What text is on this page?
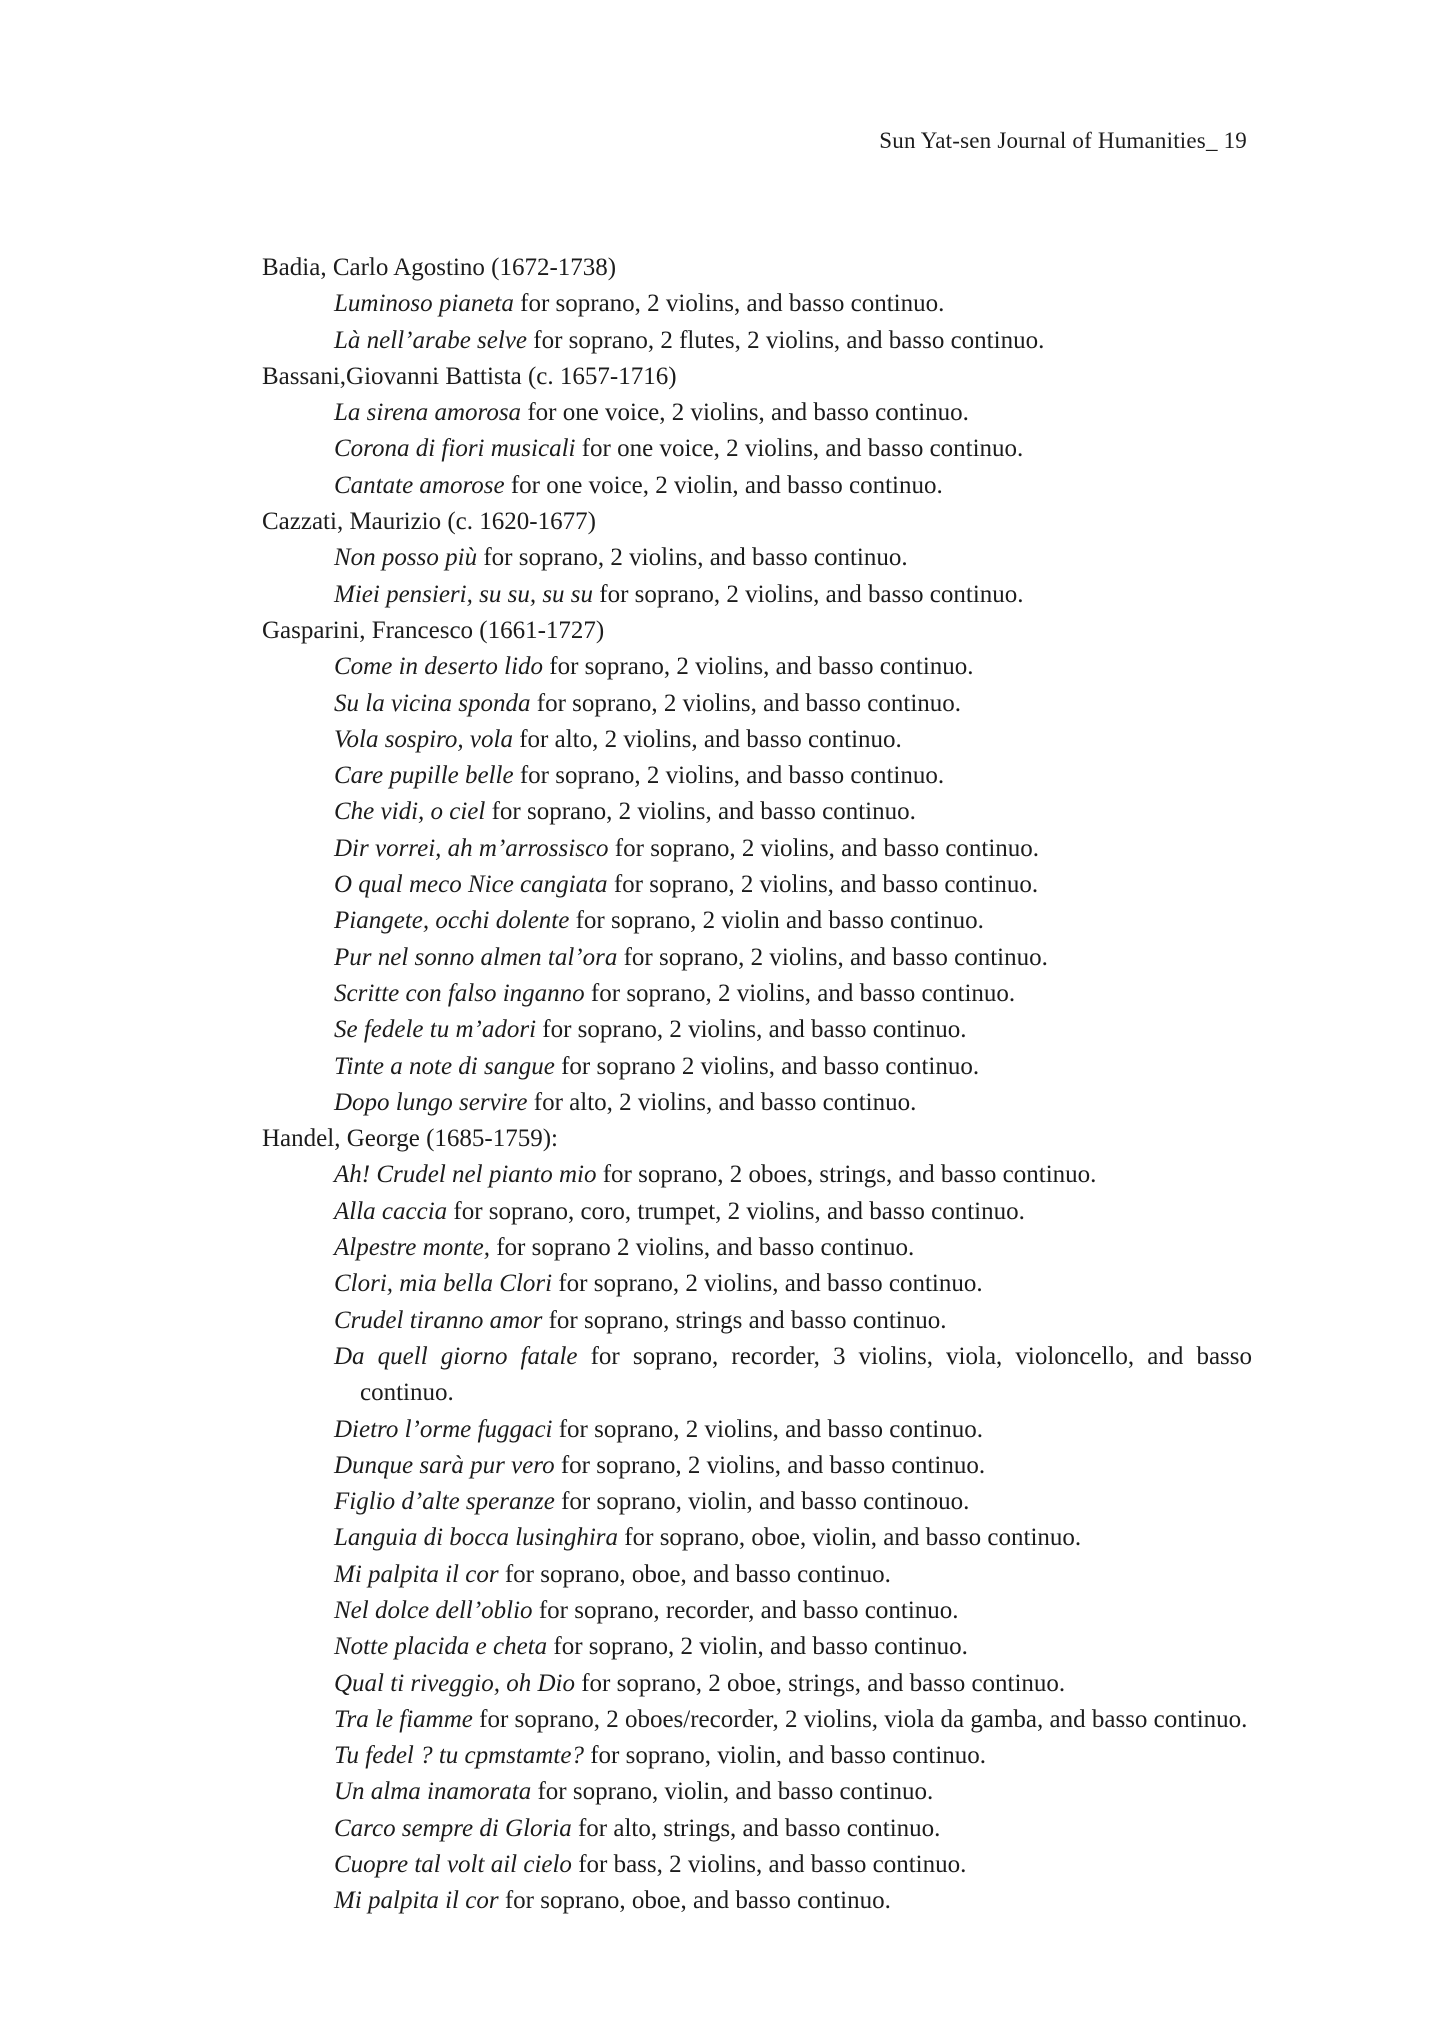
Sun Yat-sen Journal of Humanities_ 19
Badia, Carlo Agostino (1672-1738)
Luminoso pianeta for soprano, 2 violins, and basso continuo.
Là nell’arabe selve for soprano, 2 flutes, 2 violins, and basso continuo.
Bassani,Giovanni Battista (c. 1657-1716)
La sirena amorosa for one voice, 2 violins, and basso continuo.
Corona di fiori musicali for one voice, 2 violins, and basso continuo.
Cantate amorose for one voice, 2 violin, and basso continuo.
Cazzati, Maurizio (c. 1620-1677)
Non posso più for soprano, 2 violins, and basso continuo.
Miei pensieri, su su, su su for soprano, 2 violins, and basso continuo.
Gasparini, Francesco (1661-1727)
Come in deserto lido for soprano, 2 violins, and basso continuo.
Su la vicina sponda for soprano, 2 violins, and basso continuo.
Vola sospiro, vola for alto, 2 violins, and basso continuo.
Care pupille belle for soprano, 2 violins, and basso continuo.
Che vidi, o ciel for soprano, 2 violins, and basso continuo.
Dir vorrei, ah m’arrossisco for soprano, 2 violins, and basso continuo.
O qual meco Nice cangiata for soprano, 2 violins, and basso continuo.
Piangete, occhi dolente for soprano, 2 violin and basso continuo.
Pur nel sonno almen tal’ora for soprano, 2 violins, and basso continuo.
Scritte con falso inganno for soprano, 2 violins, and basso continuo.
Se fedele tu m’adori for soprano, 2 violins, and basso continuo.
Tinte a note di sangue for soprano 2 violins, and basso continuo.
Dopo lungo servire for alto, 2 violins, and basso continuo.
Handel, George (1685-1759):
Ah! Crudel nel pianto mio for soprano, 2 oboes, strings, and basso continuo.
Alla caccia for soprano, coro, trumpet, 2 violins, and basso continuo.
Alpestre monte, for soprano 2 violins, and basso continuo.
Clori, mia bella Clori for soprano, 2 violins, and basso continuo.
Crudel tiranno amor for soprano, strings and basso continuo.
Da quell giorno fatale for soprano, recorder, 3 violins, viola, violoncello, and basso continuo.
Dietro l’orme fuggaci for soprano, 2 violins, and basso continuo.
Dunque sarà pur vero for soprano, 2 violins, and basso continuo.
Figlio d’alte speranze for soprano, violin, and basso continouo.
Languia di bocca lusinghira for soprano, oboe, violin, and basso continuo.
Mi palpita il cor for soprano, oboe, and basso continuo.
Nel dolce dell’oblio for soprano, recorder, and basso continuo.
Notte placida e cheta for soprano, 2 violin, and basso continuo.
Qual ti riveggio, oh Dio for soprano, 2 oboe, strings, and basso continuo.
Tra le fiamme for soprano, 2 oboes/recorder, 2 violins, viola da gamba, and basso continuo.
Tu fedel ? tu cpmstamte? for soprano, violin, and basso continuo.
Un alma inamorata for soprano, violin, and basso continuo.
Carco sempre di Gloria for alto, strings, and basso continuo.
Cuopre tal volt ail cielo for bass, 2 violins, and basso continuo.
Mi palpita il cor for soprano, oboe, and basso continuo.
